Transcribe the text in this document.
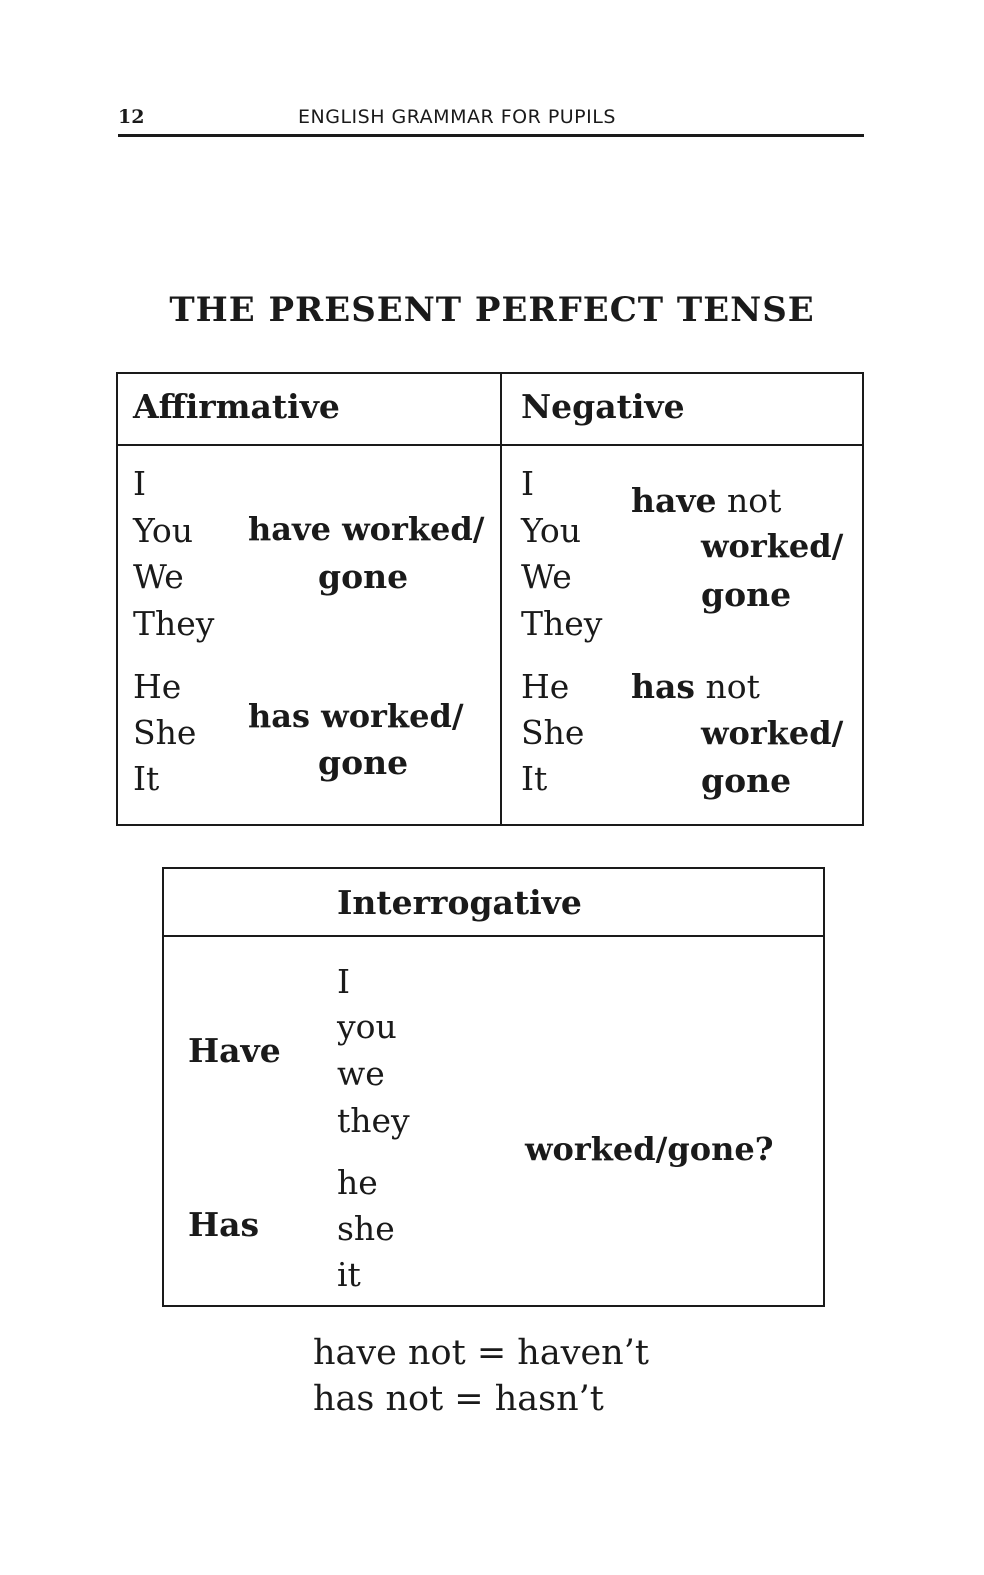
12	ENGLISH GRAMMAR FOR PUPILS
THE PRESENT PERFECT TENSE
Affirmative	Negative
I
You
We
They
have worked/
gone
He
She
It
has worked/
gone
I
You
We
They
have not
worked/
gone
He
She
It
has not
worked/
gone
Interrogative
Have
Has
I
you
we
they
he
she
it
worked/gone?
have not = haven’t
has not = hasn’t
